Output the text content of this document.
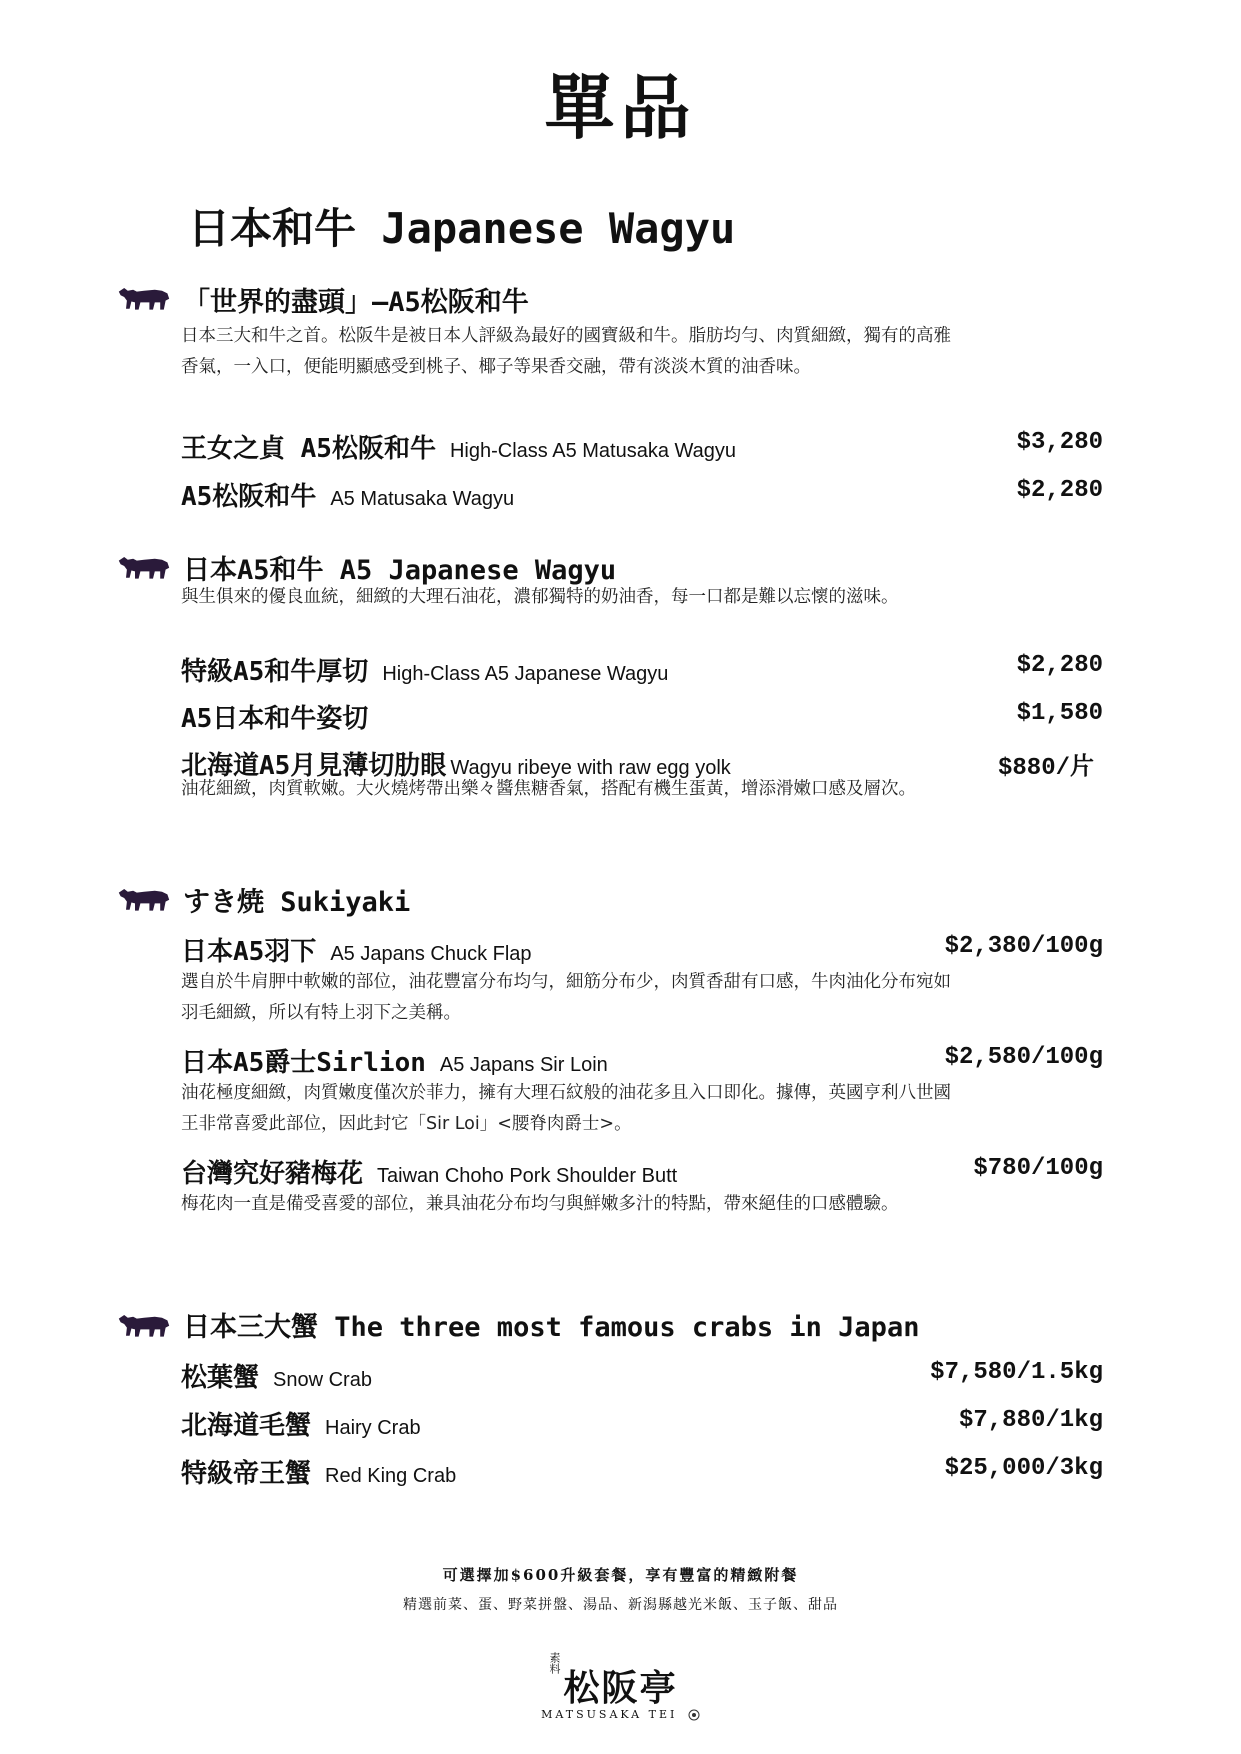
單品
日本和牛 Japanese Wagyu
「世界的盡頭」—A5松阪和牛
日本三大和牛之首。松阪牛是被日本人評級為最好的國寶級和牛。脂肪均勻、肉質細緻，獨有的高雅香氣，一入口，便能明顯感受到桃子、椰子等果香交融，帶有淡淡木質的油香味。
王女之貞 A5松阪和牛 High-Class A5 Matusaka Wagyu	$3,280
A5松阪和牛 A5 Matusaka Wagyu	$2,280
日本A5和牛 A5 Japanese Wagyu
與生俱來的優良血統，細緻的大理石油花，濃郁獨特的奶油香，每一口都是難以忘懷的滋味。
特級A5和牛厚切 High-Class A5 Japanese Wagyu	$2,280
A5日本和牛姿切	$1,580
北海道A5月見薄切肋眼 Wagyu ribeye with raw egg yolk	$880/片
油花細緻，肉質軟嫩。大火燒烤帶出樂々醬焦糖香氣，搭配有機生蛋黃，增添滑嫩口感及層次。
すき焼 Sukiyaki
日本A5羽下 A5 Japans Chuck Flap	$2,380/100g
選自於牛肩胛中軟嫩的部位，油花豐富分布均勻，細筋分布少，肉質香甜有口感，牛肉油化分布宛如羽毛細緻，所以有特上羽下之美稱。
日本A5爵士Sirlion A5 Japans Sir Loin	$2,580/100g
油花極度細緻，肉質嫩度僅次於菲力，擁有大理石紋般的油花多且入口即化。據傳，英國亨利八世國王非常喜愛此部位，因此封它「Sir Loi」<腰脊肉爵士>。
台灣究好豬梅花 Taiwan Choho Pork Shoulder Butt	$780/100g
梅花肉一直是備受喜愛的部位，兼具油花分布均勻與鮮嫩多汁的特點，帶來絕佳的口感體驗。
日本三大蟹 The three most famous crabs in Japan
松葉蟹 Snow Crab	$7,580/1.5kg
北海道毛蟹 Hairy Crab	$7,880/1kg
特級帝王蟹 Red King Crab	$25,000/3kg
可選擇加$600升級套餐，享有豐富的精緻附餐
精選前菜、蛋、野菜拼盤、湯品、新潟縣越光米飯、玉子飯、甜品
素料
松阪亭
MATSUSAKA TEI
